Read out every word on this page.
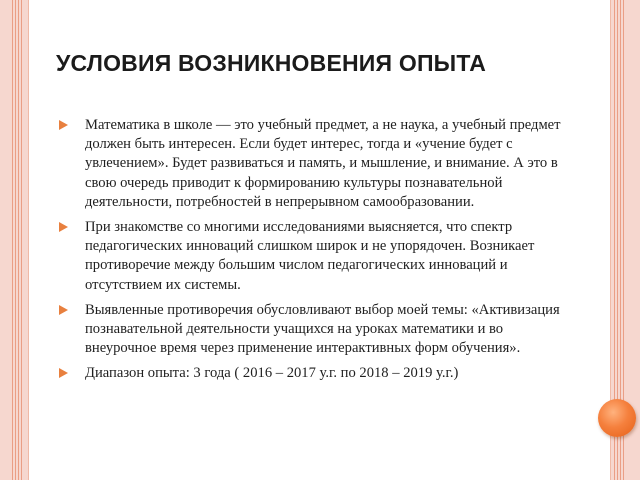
УСЛОВИЯ ВОЗНИКНОВЕНИЯ ОПЫТА
Математика в школе — это учебный предмет, а не наука, а учебный предмет должен быть интересен. Если будет интерес, тогда и «учение будет с увлечением». Будет развиваться и память, и мышление, и внимание. А это в свою очередь приводит к формированию культуры познавательной деятельности, потребностей в непрерывном самообразовании.
При знакомстве со многими исследованиями выясняется, что спектр педагогических инноваций слишком широк и не упорядочен. Возникает противоречие между большим числом педагогических инноваций и отсутствием их системы.
Выявленные противоречия обусловливают выбор моей темы: «Активизация познавательной деятельности учащихся на уроках математики и во внеурочное время через применение интерактивных форм обучения».
Диапазон опыта: 3 года ( 2016 – 2017 у.г. по 2018 – 2019 у.г.)
